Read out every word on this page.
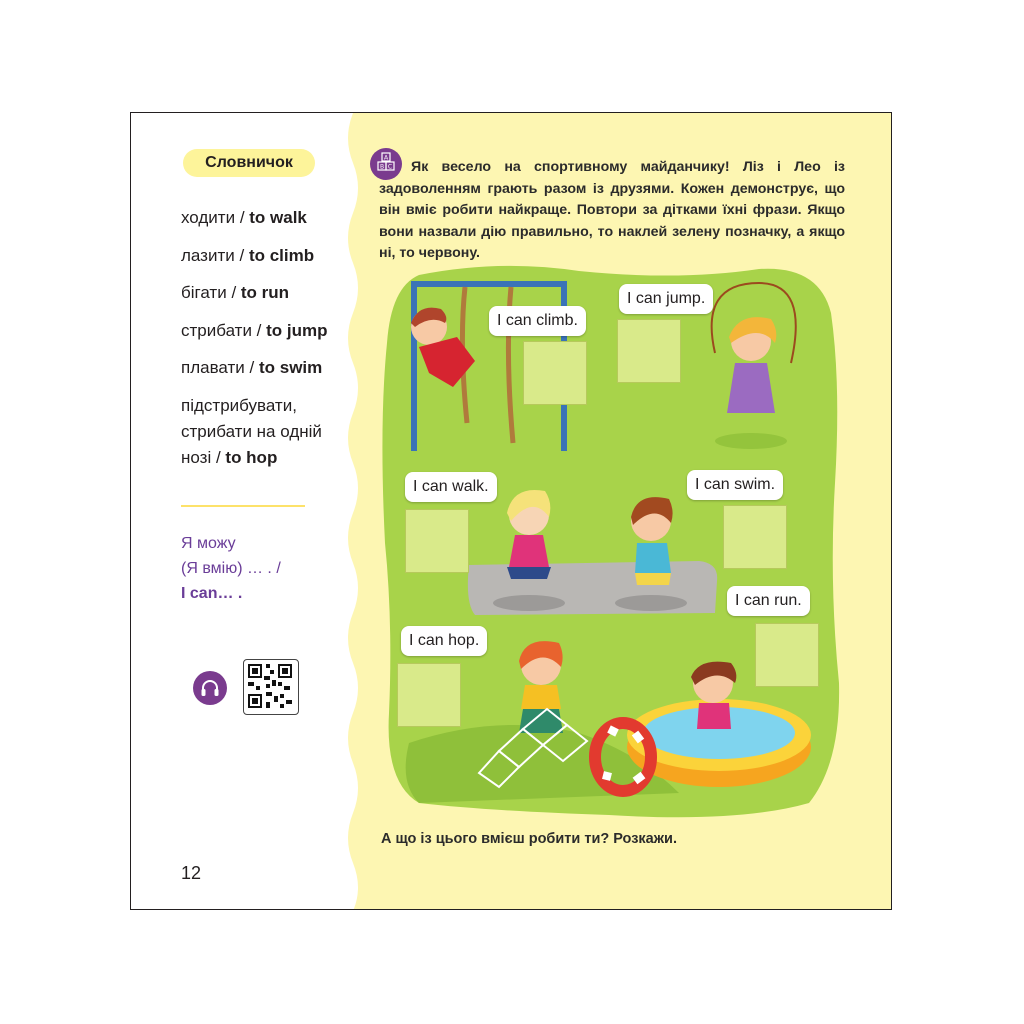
Словничок
ходити / to walk
лазити / to climb
бігати / to run
стрибати / to jump
плавати / to swim
підстрибувати, стрибати на одній нозі / to hop
Я можу
(Я вмію) … . /

I can… .
12
A
B C	Як весело на спортивному майданчику! Ліз і Лео із задоволенням грають разом із друзями. Кожен демонструє, що він вміє робити найкраще. Повтори за дітками їхні фрази. Якщо вони назвали дію правильно, то наклей зелену позначку, а якщо ні, то червону.

I can climb.
I can jump.
I can walk.	I can swim.
I can run.
I can hop.
А що із цього вмієш робити ти? Розкажи.
